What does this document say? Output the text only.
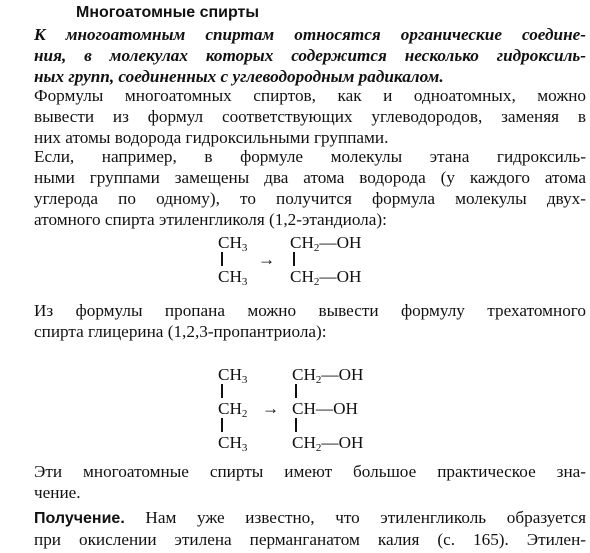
Многоатомные спирты

К многоатомным спиртам относятся органические соедине-
ния, в молекулах которых содержится несколько гидроксиль-
ных групп, соединенных с углеводородным радикалом.

Формулы многоатомных спиртов, как и одноатомных, можно
вывести из формул соответствующих углеводородов, заменяя в
них атомы водорода гидроксильными группами.

Если, например, в формуле молекулы этана гидроксиль-
ными группами замещены два атома водорода (у каждого атома
углерода по одному), то получится формула молекулы двух-
атомного спирта этиленгликоля (1,2-этандиола):

$CH_3$
$CH_3$
→
$CH_2—OH$
$CH_2—OH$

Из формулы пропана можно вывести формулу трехатомного
спирта глицерина (1,2,3-пропантриола):

$CH_3$
$CH_2$
$CH_3$
→
$CH_2—OH$
CH—OH
$CH_2—OH$

Эти многоатомные спирты имеют большое практическое зна-
чение.

Получение. Нам уже известно, что этиленгликоль образуется
при окислении этилена перманганатом калия (с. 165). Этилен-
